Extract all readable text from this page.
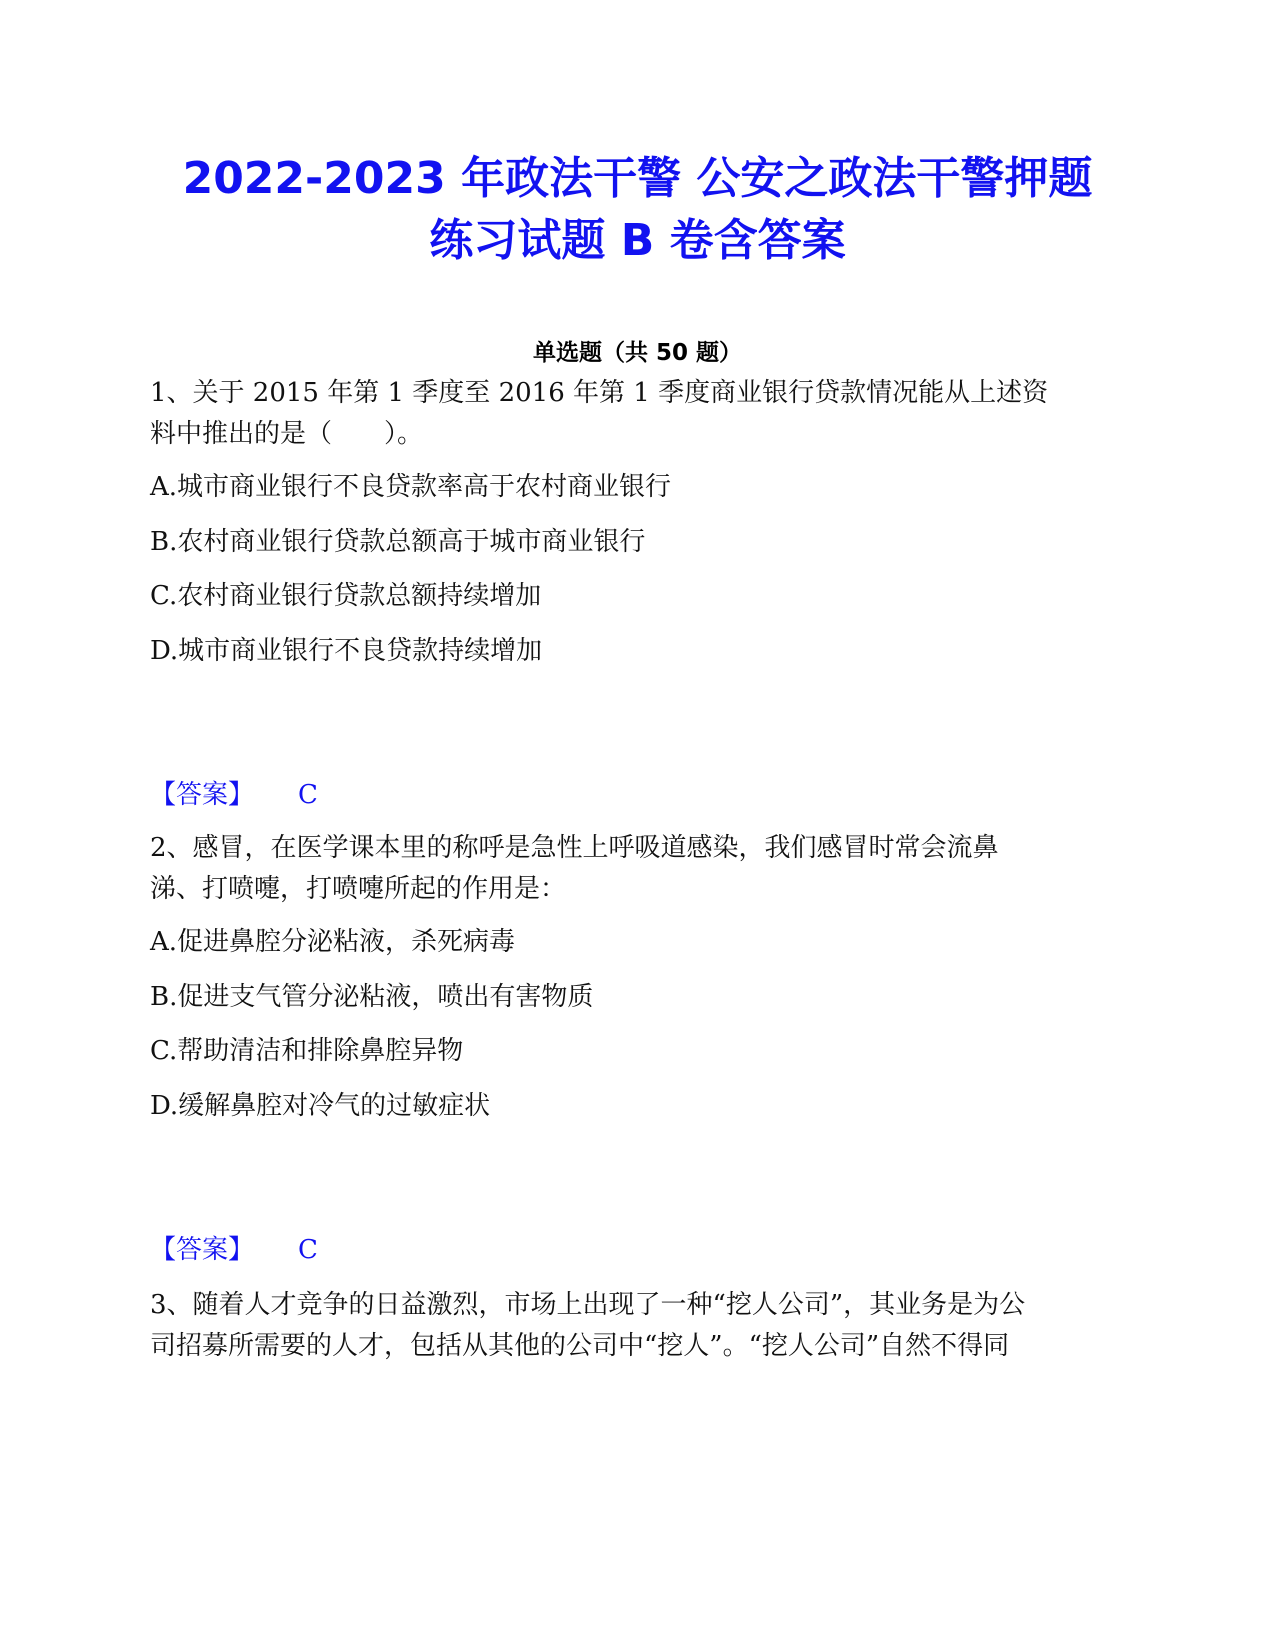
2022-2023 年政法干警 公安之政法干警押题
练习试题 B 卷含答案
单选题（共 50 题）
1、关于 2015 年第 1 季度至 2016 年第 1 季度商业银行贷款情况能从上述资
料中推出的是（　　）。
A.城市商业银行不良贷款率高于农村商业银行
B.农村商业银行贷款总额高于城市商业银行
C.农村商业银行贷款总额持续增加
D.城市商业银行不良贷款持续增加
【答案】 C
2、感冒，在医学课本里的称呼是急性上呼吸道感染，我们感冒时常会流鼻
涕、打喷嚏，打喷嚏所起的作用是：
A.促进鼻腔分泌粘液，杀死病毒
B.促进支气管分泌粘液，喷出有害物质
C.帮助清洁和排除鼻腔异物
D.缓解鼻腔对冷气的过敏症状
【答案】 C
3、随着人才竞争的日益激烈，市场上出现了一种“挖人公司”，其业务是为公
司招募所需要的人才，包括从其他的公司中“挖人”。“挖人公司”自然不得同
